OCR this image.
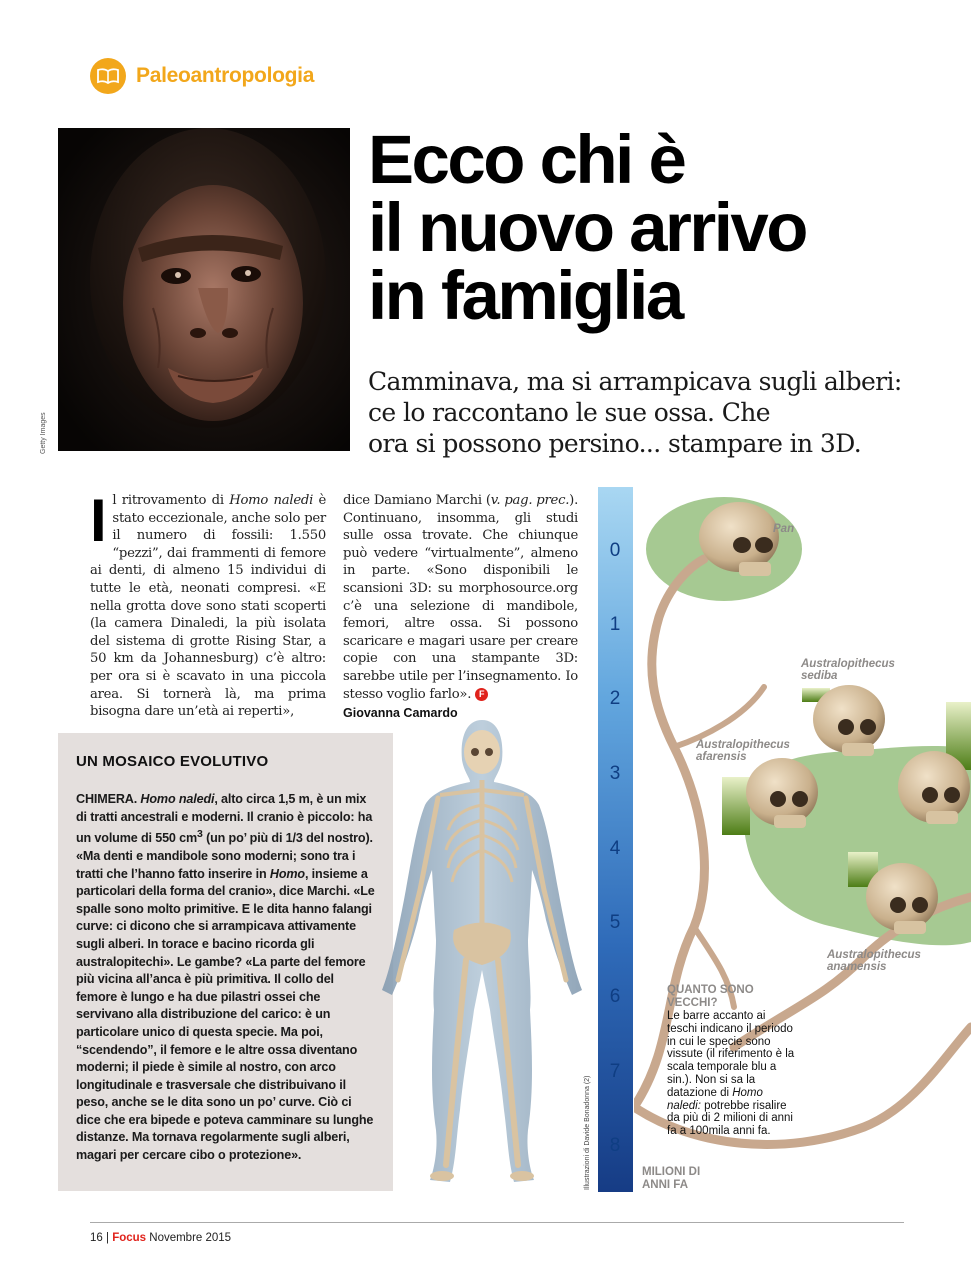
Paleoantropologia
Getty Images
Ecco chi è
il nuovo arrivo
in famiglia

Camminava, ma si arrampicava sugli alberi:
ce lo raccontano le sue ossa. Che
ora si possono persino... stampare in 3D.

I l ritrovamento di Homo naledi è stato eccezionale, anche solo per il numero di fossili: 1.550 “pezzi”, dai frammenti di femore ai denti, di almeno 15 individui di tutte le età, neonati compresi. «E nella grotta dove sono stati scoperti (la camera Dinaledi, la più isolata del sistema di grotte Rising Star, a 50 km da Johannesburg) c’è altro: per ora si è scavato in una piccola area. Si tornerà là, ma prima bisogna dare un’età ai reperti»,
dice Damiano Marchi (v. pag. prec.). Continuano, insomma, gli studi sulle ossa trovate. Che chiunque può vedere “virtualmente”, almeno in parte. «Sono disponibili le scansioni 3D: su morphosource.org c’è una selezione di mandibole, femori, altre ossa. Si possono scaricare e magari usare per creare copie con una stampante 3D: sarebbe utile per l’insegnamento. Io stesso voglio farlo». F
Giovanna Camardo
UN MOSAICO EVOLUTIVO

CHIMERA. Homo naledi, alto circa 1,5 m, è un mix di tratti ancestrali e moderni. Il cranio è piccolo: ha un volume di 550 $cm^3$ (un po’ più di 1/3 del nostro). «Ma denti e mandibole sono moderni; sono tra i tratti che l’hanno fatto inserire in Homo, insieme a particolari della forma del cranio», dice Marchi. «Le spalle sono molto primitive. E le dita hanno falangi curve: ci dicono che si arrampicava attivamente sugli alberi. In torace e bacino ricorda gli australopitechi». Le gambe? «La parte del femore più vicina all’anca è più primitiva. Il collo del femore è lungo e ha due pilastri ossei che servivano alla distribuzione del carico: è un particolare unico di questa specie. Ma poi, “scendendo”, il femore e le altre ossa diventano moderni; il piede è simile al nostro, con arco longitudinale e trasversale che distribuivano il peso, anche se le dita sono un po’ curve. Ciò ci dice che era bipede e poteva camminare su lunghe distanze. Ma tornava regolarmente sugli alberi, magari per cercare cibo o protezione».

0
1
2
3
4
5
6
7
8
Illustrazioni di Davide Bonadonna (2)
Pan
Australopithecus
sediba
Australopithecus
afarensis
Australopithecus
anamensis
QUANTO SONO
VECCHI?
Le barre accanto ai teschi indicano il periodo in cui le specie sono vissute (il riferimento è la scala temporale blu a sin.). Non si sa la datazione di Homo naledi: potrebbe risalire da più di 2 milioni di anni fa a 100mila anni fa.
MILIONI DI
ANNI FA
16 | Focus Novembre 2015
